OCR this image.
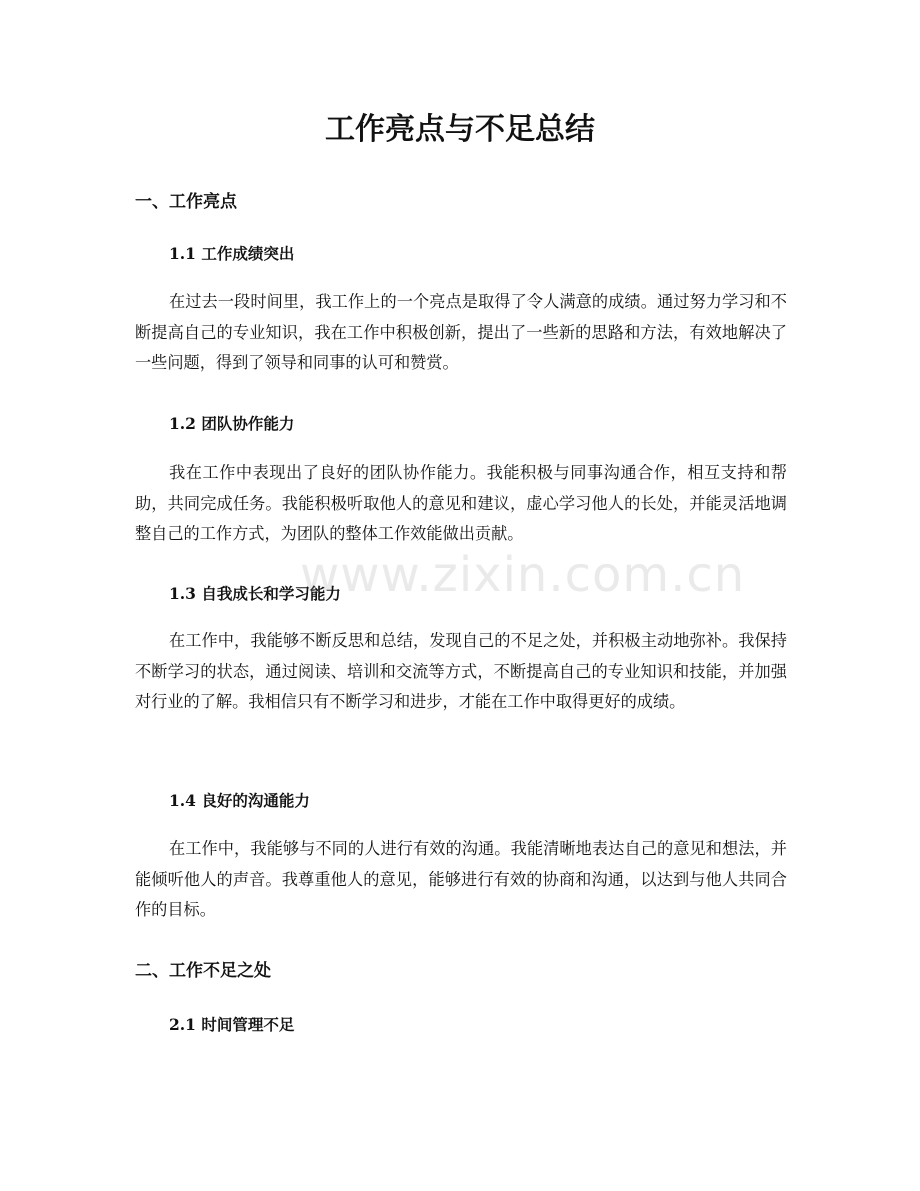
工作亮点与不足总结
一、工作亮点
1.1 工作成绩突出

在过去一段时间里，我工作上的一个亮点是取得了令人满意的成绩。通过努力学习和不断提高自己的专业知识，我在工作中积极创新，提出了一些新的思路和方法，有效地解决了一些问题，得到了领导和同事的认可和赞赏。

1.2 团队协作能力

我在工作中表现出了良好的团队协作能力。我能积极与同事沟通合作，相互支持和帮助，共同完成任务。我能积极听取他人的意见和建议，虚心学习他人的长处，并能灵活地调整自己的工作方式，为团队的整体工作效能做出贡献。

1.3 自我成长和学习能力

在工作中，我能够不断反思和总结，发现自己的不足之处，并积极主动地弥补。我保持不断学习的状态，通过阅读、培训和交流等方式，不断提高自己的专业知识和技能，并加强对行业的了解。我相信只有不断学习和进步，才能在工作中取得更好的成绩。

1.4 良好的沟通能力

在工作中，我能够与不同的人进行有效的沟通。我能清晰地表达自己的意见和想法，并能倾听他人的声音。我尊重他人的意见，能够进行有效的协商和沟通，以达到与他人共同合作的目标。

二、工作不足之处
2.1 时间管理不足
www.zixin.com.cn
